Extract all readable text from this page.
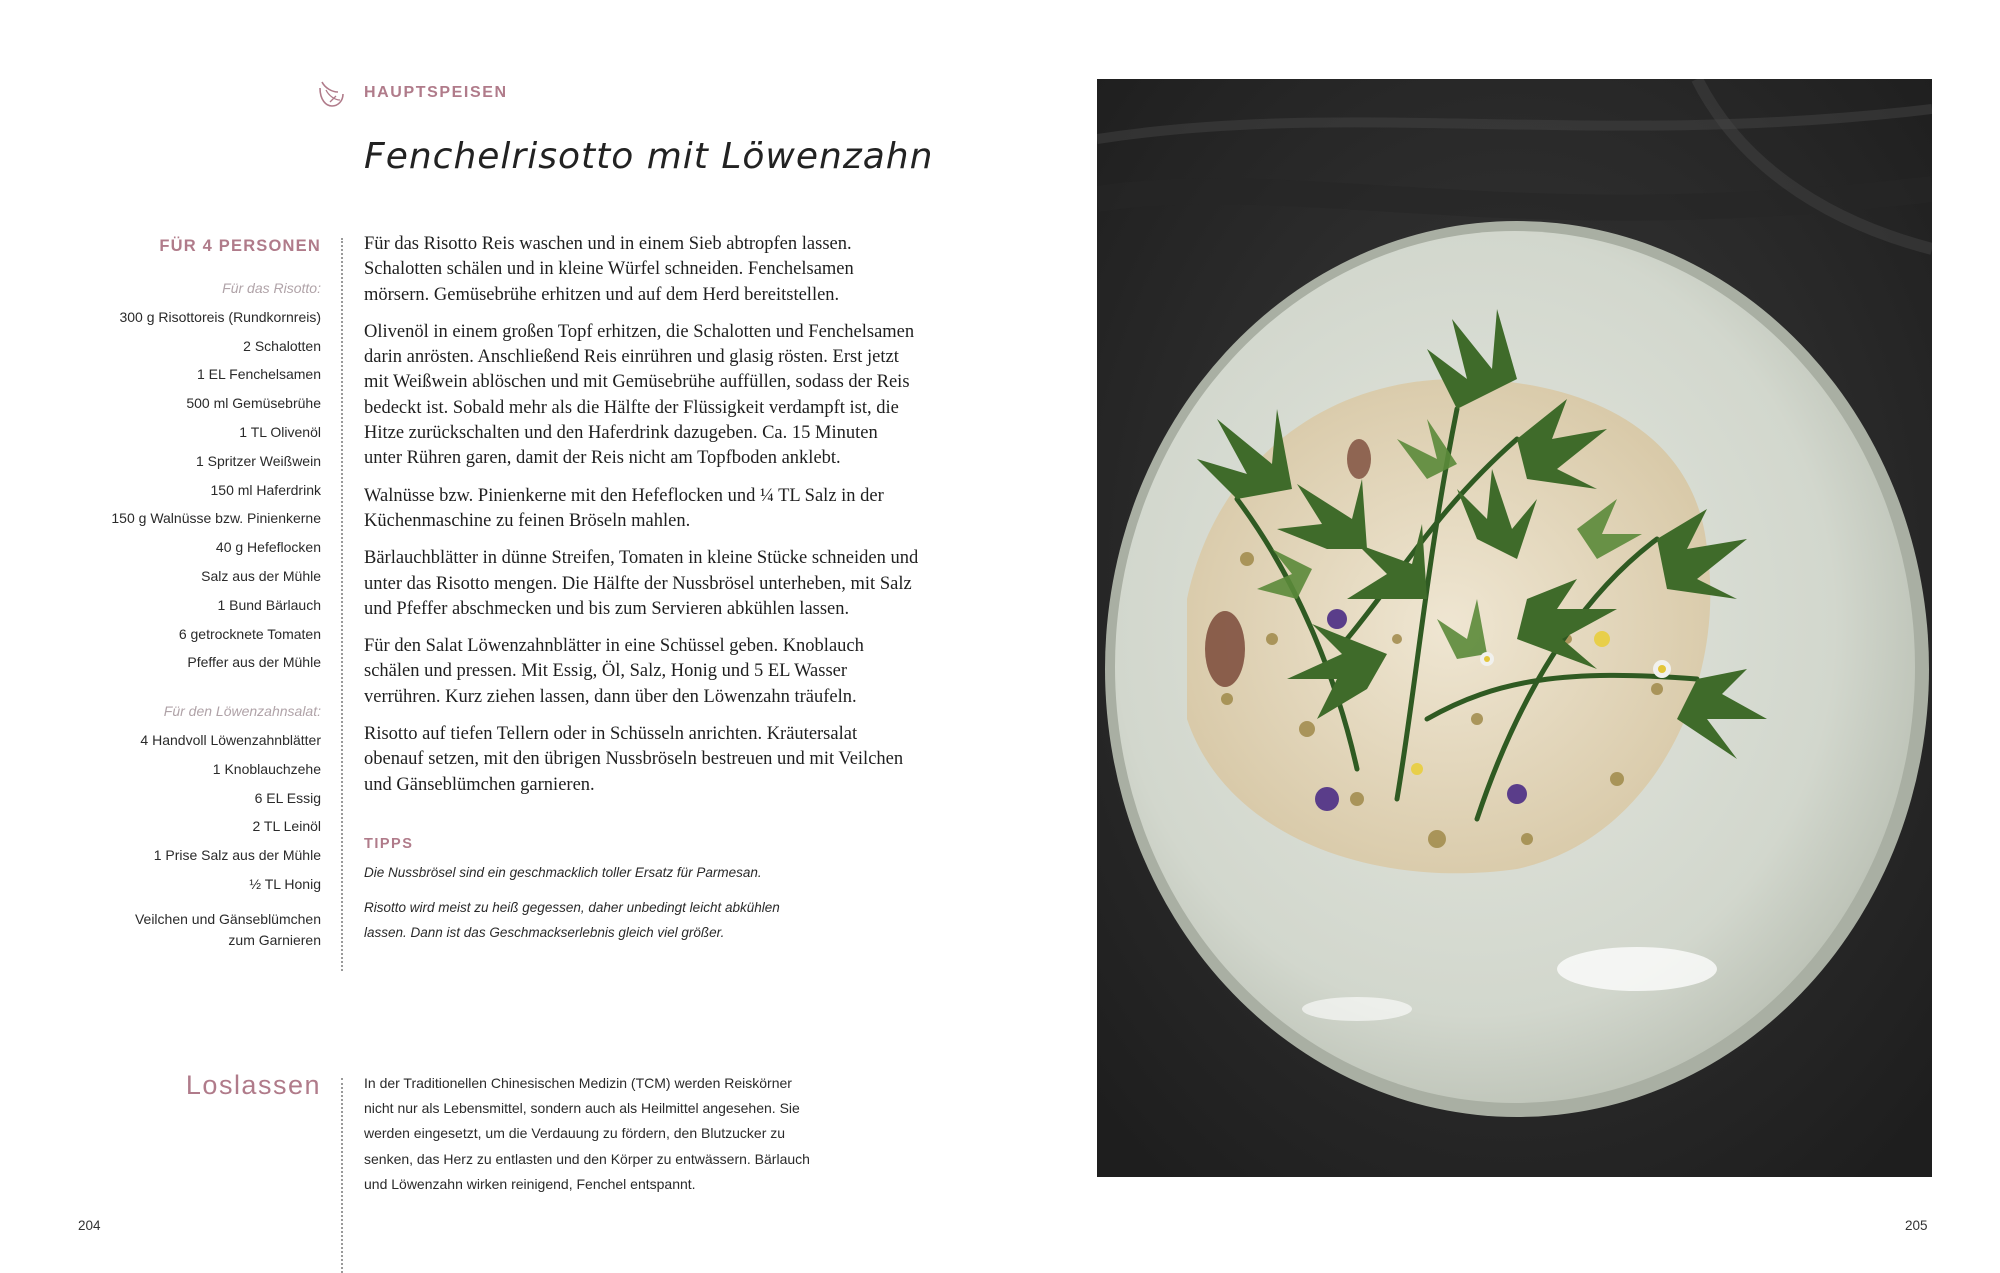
HAUPTSPEISEN
Fenchelrisotto mit Löwenzahn
FÜR 4 PERSONEN
Für das Risotto:
300 g Risottoreis (Rundkornreis)
2 Schalotten
1 EL Fenchelsamen
500 ml Gemüsebrühe
1 TL Olivenöl
1 Spritzer Weißwein
150 ml Haferdrink
150 g Walnüsse bzw. Pinienkerne
40 g Hefeflocken
Salz aus der Mühle
1 Bund Bärlauch
6 getrocknete Tomaten
Pfeffer aus der Mühle
Für den Löwenzahnsalat:
4 Handvoll Löwenzahnblätter
1 Knoblauchzehe
6 EL Essig
2 TL Leinöl
1 Prise Salz aus der Mühle
½ TL Honig
Veilchen und Gänseblümchen
zum Garnieren

Für das Risotto Reis waschen und in einem Sieb abtropfen lassen. Schalotten schälen und in kleine Würfel schneiden. Fenchelsamen mörsern. Gemüsebrühe erhitzen und auf dem Herd bereitstellen.

Olivenöl in einem großen Topf erhitzen, die Schalotten und Fenchelsamen darin anrösten. Anschließend Reis einrühren und glasig rösten. Erst jetzt mit Weißwein ablöschen und mit Gemüsebrühe auffüllen, sodass der Reis bedeckt ist. Sobald mehr als die Hälfte der Flüssigkeit verdampft ist, die Hitze zurückschalten und den Haferdrink dazugeben. Ca. 15 Minuten unter Rühren garen, damit der Reis nicht am Topfboden anklebt.

Walnüsse bzw. Pinienkerne mit den Hefeflocken und ¼ TL Salz in der Küchenmaschine zu feinen Bröseln mahlen.

Bärlauchblätter in dünne Streifen, Tomaten in kleine Stücke schneiden und unter das Risotto mengen. Die Hälfte der Nussbrösel unterheben, mit Salz und Pfeffer abschmecken und bis zum Servieren abkühlen lassen.

Für den Salat Löwenzahnblätter in eine Schüssel geben. Knoblauch schälen und pressen. Mit Essig, Öl, Salz, Honig und 5 EL Wasser verrühren. Kurz ziehen lassen, dann über den Löwenzahn träufeln.

Risotto auf tiefen Tellern oder in Schüsseln anrichten. Kräutersalat obenauf setzen, mit den übrigen Nussbröseln bestreuen und mit Veilchen und Gänseblümchen garnieren.

TIPPS
Die Nussbrösel sind ein geschmacklich toller Ersatz für Parmesan.
Risotto wird meist zu heiß gegessen, daher unbedingt leicht abkühlen
lassen. Dann ist das Geschmackserlebnis gleich viel größer.
Loslassen	In der Traditionellen Chinesischen Medizin (TCM) werden Reiskörner
nicht nur als Lebensmittel, sondern auch als Heilmittel angesehen. Sie
werden eingesetzt, um die Verdauung zu fördern, den Blutzucker zu
senken, das Herz zu entlasten und den Körper zu entwässern. Bärlauch
und Löwenzahn wirken reinigend, Fenchel entspannt.
204	205
